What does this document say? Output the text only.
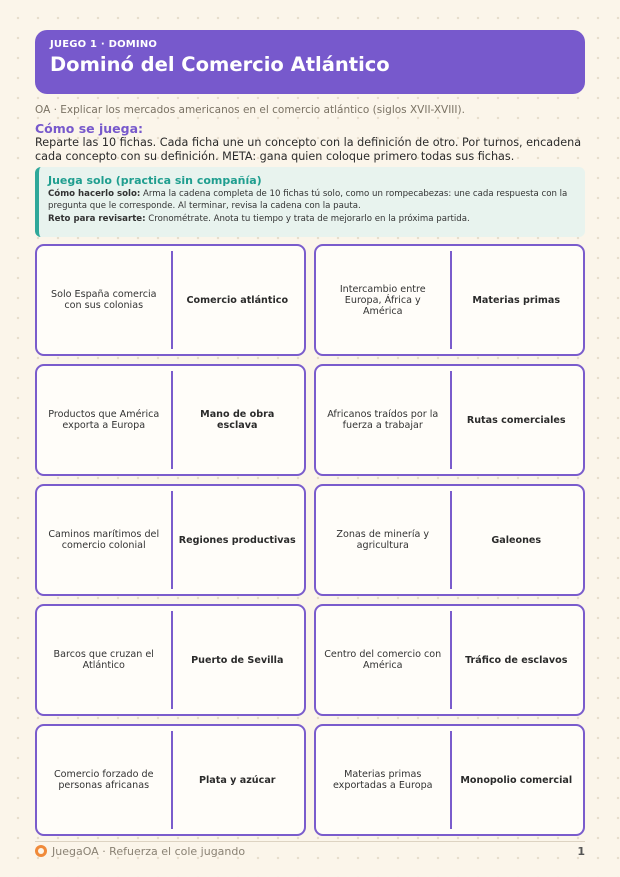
JUEGO 1 · DOMINO
Dominó del Comercio Atlántico
OA · Explicar los mercados americanos en el comercio atlántico (siglos XVII-XVIII).
Cómo se juega:
Reparte las 10 fichas. Cada ficha une un concepto con la definición de otro. Por turnos, encadena cada concepto con su definición. META: gana quien coloque primero todas sus fichas.
Juega solo (practica sin compañía)
Cómo hacerlo solo: Arma la cadena completa de 10 fichas tú solo, como un rompecabezas: une cada respuesta con la pregunta que le corresponde. Al terminar, revisa la cadena con la pauta.
Reto para revisarte: Cronométrate. Anota tu tiempo y trata de mejorarlo en la próxima partida.
Solo España comercia con sus colonias	Comercio atlántico
Intercambio entre Europa, África y América
Materias primas
Productos que América exporta a Europa
Mano de obra esclava
Africanos traídos por la fuerza a trabajar	Rutas comerciales
Caminos marítimos del comercio colonial	Regiones productivas	Zonas de minería y agricultura	Galeones
Barcos que cruzan el Atlántico	Puerto de Sevilla	Centro del comercio con América	Tráfico de esclavos
Comercio forzado de personas africanas	Plata y azúcar	Materias primas exportadas a Europa	Monopolio comercial
JuegaOA · Refuerza el cole jugando	1
